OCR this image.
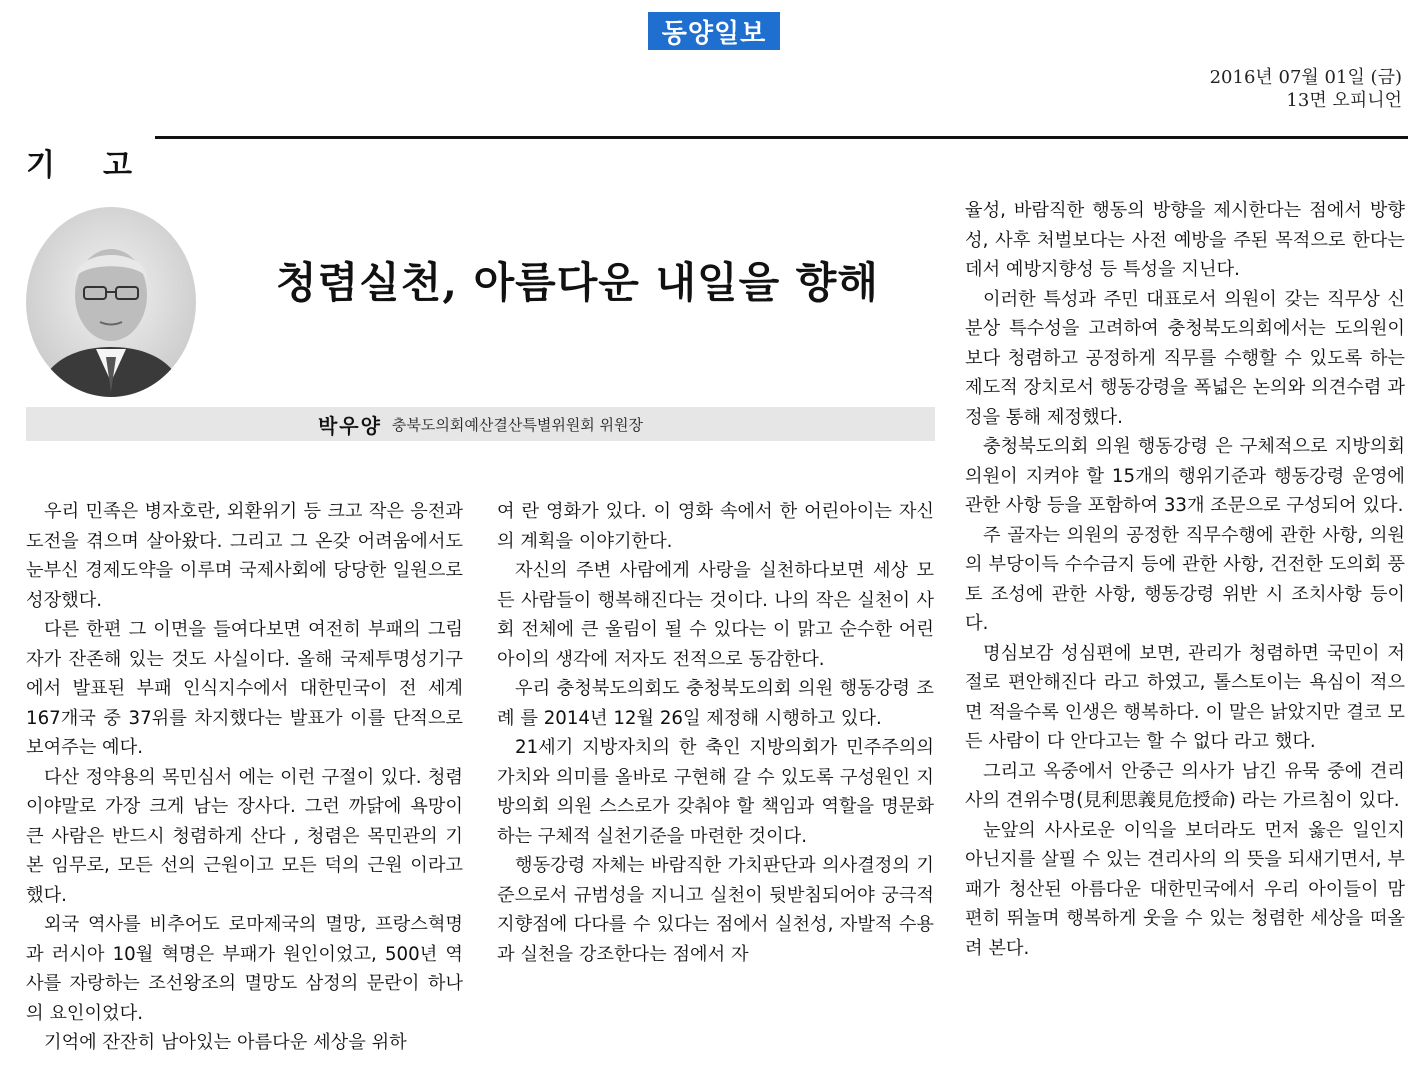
동양일보
2016년 07월 01일 (금)
13면 오피니언
기고
청렴실천, 아름다운 내일을 향해
박우양 충북도의회예산결산특별위원회 위원장

우리 민족은 병자호란, 외환위기 등 크고 작은 응전과 도전을 겪으며 살아왔다. 그리고 그 온갖 어려움에서도 눈부신 경제도약을 이루며 국제사회에 당당한 일원으로 성장했다.

다른 한편 그 이면을 들여다보면 여전히 부패의 그림자가 잔존해 있는 것도 사실이다. 올해 국제투명성기구에서 발표된 부패 인식지수에서 대한민국이 전 세계 167개국 중 37위를 차지했다는 발표가 이를 단적으로 보여주는 예다.

다산 정약용의 목민심서 에는 이런 구절이 있다. 청렴이야말로 가장 크게 남는 장사다. 그런 까닭에 욕망이 큰 사람은 반드시 청렴하게 산다 , 청렴은 목민관의 기본 임무로, 모든 선의 근원이고 모든 덕의 근원 이라고 했다.

외국 역사를 비추어도 로마제국의 멸망, 프랑스혁명과 러시아 10월 혁명은 부패가 원인이었고, 500년 역사를 자랑하는 조선왕조의 멸망도 삼정의 문란이 하나의 요인이었다.

기억에 잔잔히 남아있는 아름다운 세상을 위하

여 란 영화가 있다. 이 영화 속에서 한 어린아이는 자신의 계획을 이야기한다.

자신의 주변 사람에게 사랑을 실천하다보면 세상 모든 사람들이 행복해진다는 것이다. 나의 작은 실천이 사회 전체에 큰 울림이 될 수 있다는 이 맑고 순수한 어린아이의 생각에 저자도 전적으로 동감한다.

우리 충청북도의회도 충청북도의회 의원 행동강령 조례 를 2014년 12월 26일 제정해 시행하고 있다.

21세기 지방자치의 한 축인 지방의회가 민주주의의 가치와 의미를 올바로 구현해 갈 수 있도록 구성원인 지방의회 의원 스스로가 갖춰야 할 책임과 역할을 명문화하는 구체적 실천기준을 마련한 것이다.

행동강령 자체는 바람직한 가치판단과 의사결정의 기준으로서 규범성을 지니고 실천이 뒷받침되어야 궁극적 지향점에 다다를 수 있다는 점에서 실천성, 자발적 수용과 실천을 강조한다는 점에서 자

율성, 바람직한 행동의 방향을 제시한다는 점에서 방향성, 사후 처벌보다는 사전 예방을 주된 목적으로 한다는 데서 예방지향성 등 특성을 지닌다.

이러한 특성과 주민 대표로서 의원이 갖는 직무상 신분상 특수성을 고려하여 충청북도의회에서는 도의원이 보다 청렴하고 공정하게 직무를 수행할 수 있도록 하는 제도적 장치로서 행동강령을 폭넓은 논의와 의견수렴 과정을 통해 제정했다.

충청북도의회 의원 행동강령 은 구체적으로 지방의회 의원이 지켜야 할 15개의 행위기준과 행동강령 운영에 관한 사항 등을 포함하여 33개 조문으로 구성되어 있다.

주 골자는 의원의 공정한 직무수행에 관한 사항, 의원의 부당이득 수수금지 등에 관한 사항, 건전한 도의회 풍토 조성에 관한 사항, 행동강령 위반 시 조치사항 등이다.

명심보감 성심편에 보면, 관리가 청렴하면 국민이 저절로 편안해진다 라고 하였고, 톨스토이는 욕심이 적으면 적을수록 인생은 행복하다. 이 말은 낡았지만 결코 모든 사람이 다 안다고는 할 수 없다 라고 했다.

그리고 옥중에서 안중근 의사가 남긴 유묵 중에 견리사의 견위수명(見利思義見危授命) 라는 가르침이 있다.

눈앞의 사사로운 이익을 보더라도 먼저 옳은 일인지 아닌지를 살필 수 있는 견리사의 의 뜻을 되새기면서, 부패가 청산된 아름다운 대한민국에서 우리 아이들이 맘 편히 뛰놀며 행복하게 웃을 수 있는 청렴한 세상을 떠올려 본다.
